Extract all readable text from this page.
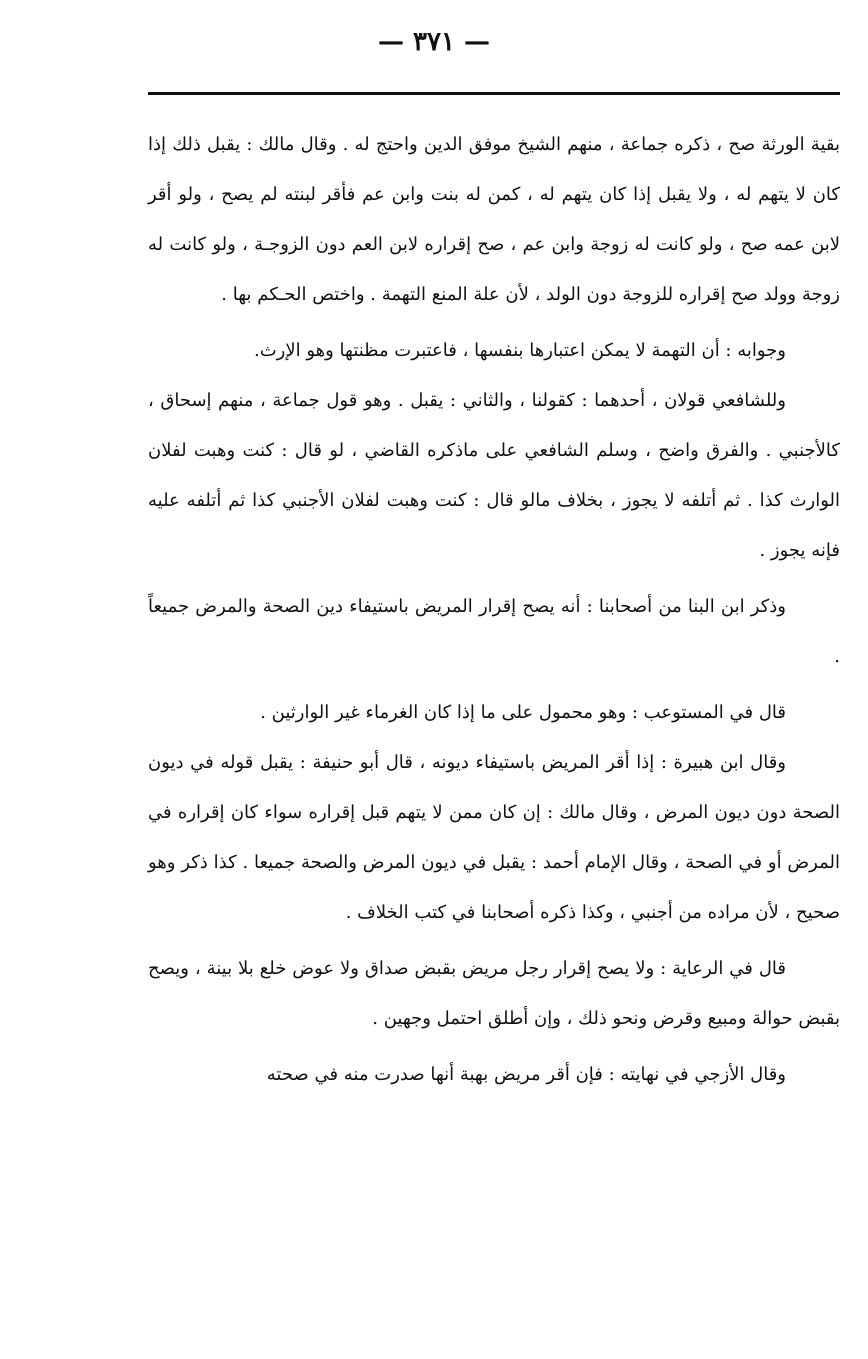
— ٣٧١ —

بقية الورثة صح ، ذكره جماعة ، منهم الشيخ موفق الدين واحتج له . وقال مالك : يقبل ذلك إذا كان لا يتهم له ، ولا يقبل إذا كان يتهم له ، كمن له بنت وابن عم فأقر لبنته لم يصح ، ولو أقر لابن عمه صح ، ولو كانت له زوجة وابن عم ، صح إقراره لابن العم دون الزوجـة ، ولو كانت له زوجة وولد صح إقراره للزوجة دون الولد ، لأن علة المنع التهمة . واختص الحـكم بها .

وجوابه : أن التهمة لا يمكن اعتبارها بنفسها ، فاعتبرت مظنتها وهو الإرث.

وللشافعي قولان ، أحدهما : كقولنا ، والثاني : يقبل . وهو قول جماعة ، منهم إسحاق ، كالأجنبي . والفرق واضح ، وسلم الشافعي على ماذكره القاضي ، لو قال : كنت وهبت لفلان الوارث كذا . ثم أتلفه لا يجوز ، بخلاف مالو قال : كنت وهبت لفلان الأجنبي كذا ثم أتلفه عليه فإنه يجوز .

وذكر ابن البنا من أصحابنا : أنه يصح إقرار المريض باستيفاء دين الصحة والمرض جميعاً .

قال في المستوعب : وهو محمول على ما إذا كان الغرماء غير الوارثين .

وقال ابن هبيرة : إذا أقر المريض باستيفاء ديونه ، قال أبو حنيفة : يقبل قوله في ديون الصحة دون ديون المرض ، وقال مالك : إن كان ممن لا يتهم قبل إقراره سواء كان إقراره في المرض أو في الصحة ، وقال الإمام أحمد : يقبل في ديون المرض والصحة جميعا . كذا ذكر وهو صحيح ، لأن مراده من أجنبي ، وكذا ذكره أصحابنا في كتب الخلاف .

قال في الرعاية : ولا يصح إقرار رجل مريض بقبض صداق ولا عوض خلع بلا بينة ، ويصح بقبض حوالة ومبيع وقرض ونحو ذلك ، وإن أطلق احتمل وجهين .

وقال الأزجي في نهايته : فإن أقر مريض بهبة أنها صدرت منه في صحته
